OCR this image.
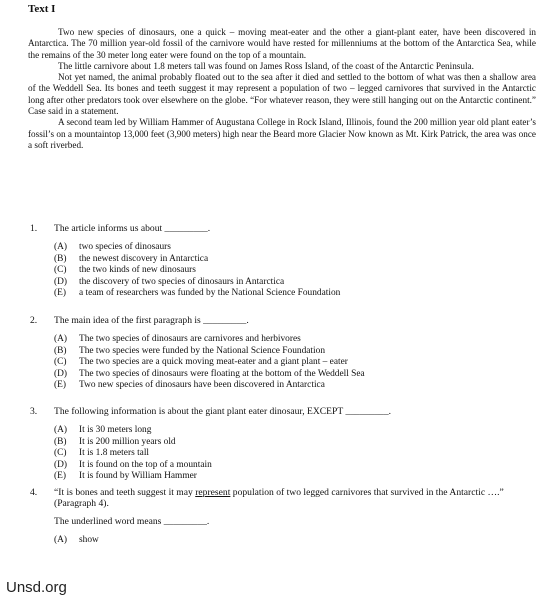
Text I

Two new species of dinosaurs, one a quick – moving meat-eater and the other a giant-plant eater, have been discovered in Antarctica. The 70 million year-old fossil of the carnivore would have rested for millenniums at the bottom of the Antarctica Sea, while the remains of the 30 meter long eater were found on the top of a mountain.

The little carnivore about 1.8 meters tall was found on James Ross Island, of the coast of the Antarctic Peninsula.

Not yet named, the animal probably floated out to the sea after it died and settled to the bottom of what was then a shallow area of the Weddell Sea. Its bones and teeth suggest it may represent a population of two – legged carnivores that survived in the Antarctic long after other predators took over elsewhere on the globe. “For whatever reason, they were still hanging out on the Antarctic continent.” Case said in a statement.

A second team led by William Hammer of Augustana College in Rock Island, Illinois, found the 200 million year old plant eater’s fossil’s on a mountaintop 13,000 feet (3,900 meters) high near the Beard more Glacier Now known as Mt. Kirk Patrick, the area was once a soft riverbed.

1. The article informs us about _________.
(A) two species of dinosaurs
(B) the newest discovery in Antarctica
(C) the two kinds of new dinosaurs
(D) the discovery of two species of dinosaurs in Antarctica
(E) a team of researchers was funded by the National Science Foundation
2. The main idea of the first paragraph is _________.
(A) The two species of dinosaurs are carnivores and herbivores
(B) The two species were funded by the National Science Foundation
(C) The two species are a quick moving meat-eater and a giant plant – eater
(D) The two species of dinosaurs were floating at the bottom of the Weddell Sea
(E) Two new species of dinosaurs have been discovered in Antarctica
3. The following information is about the giant plant eater dinosaur, EXCEPT _________.
(A) It is 30 meters long
(B) It is 200 million years old
(C) It is 1.8 meters tall
(D) It is found on the top of a mountain
(E) It is found by William Hammer
4. “It is bones and teeth suggest it may represent population of two legged carnivores that survived in the Antarctic ….” (Paragraph 4).
The underlined word means _________.
(A) show
Unsd.org
